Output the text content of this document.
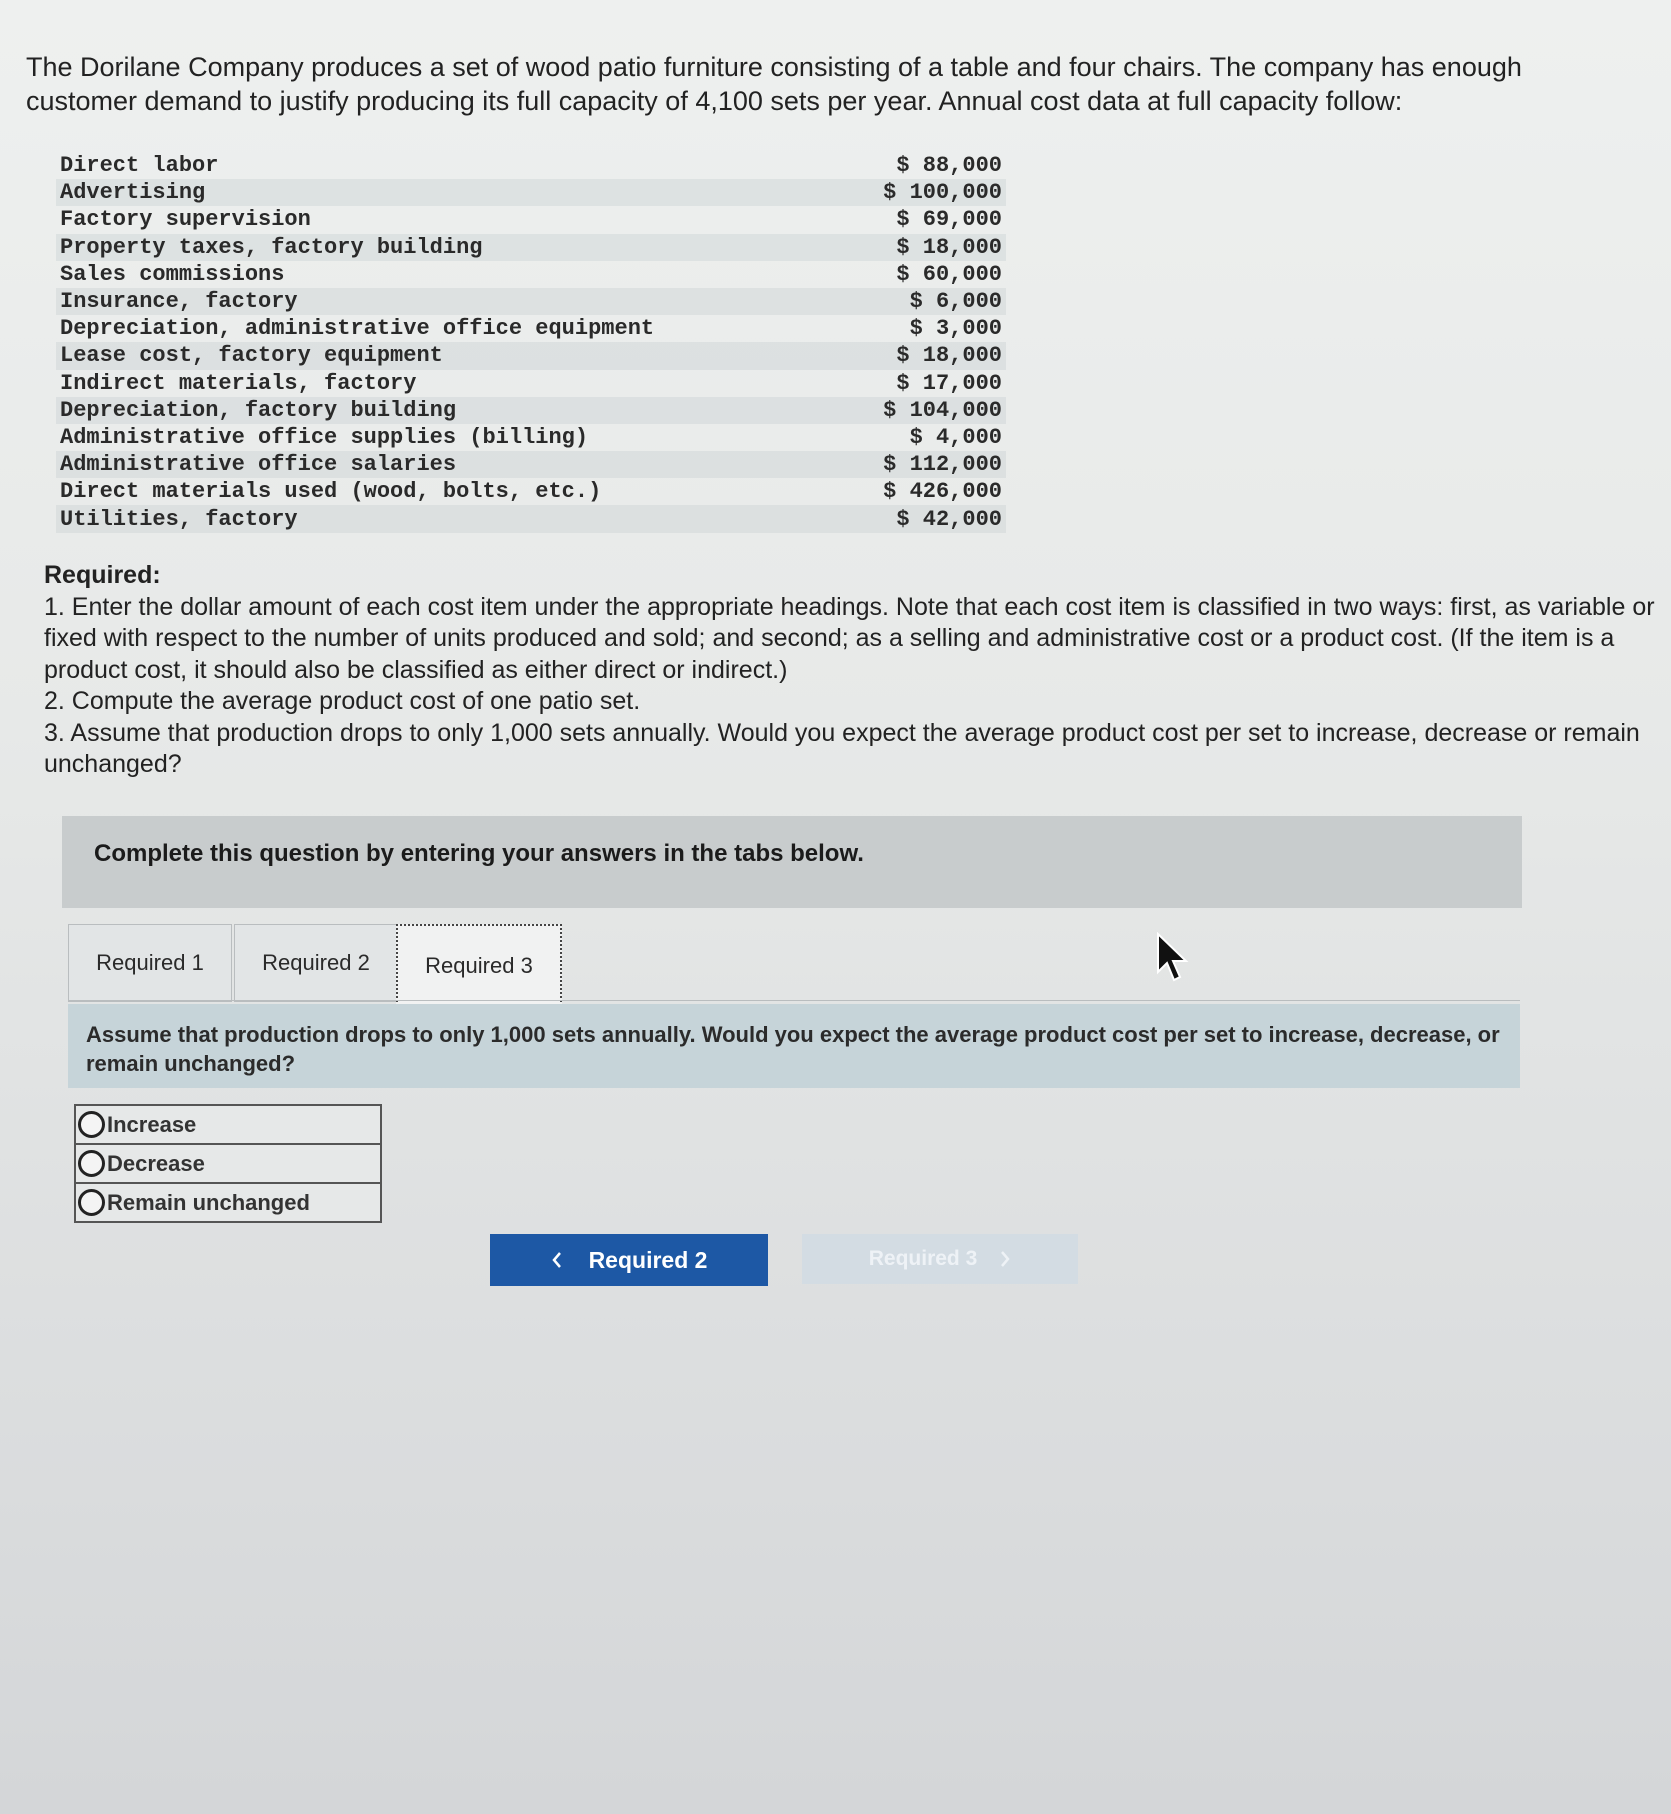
The Dorilane Company produces a set of wood patio furniture consisting of a table and four chairs. The company has enough customer demand to justify producing its full capacity of 4,100 sets per year. Annual cost data at full capacity follow:
Direct labor	$ 88,000
Advertising	$ 100,000
Factory supervision	$ 69,000
Property taxes, factory building	$ 18,000
Sales commissions	$ 60,000
Insurance, factory	$ 6,000
Depreciation, administrative office equipment	$ 3,000
Lease cost, factory equipment	$ 18,000
Indirect materials, factory	$ 17,000
Depreciation, factory building	$ 104,000
Administrative office supplies (billing)	$ 4,000
Administrative office salaries	$ 112,000
Direct materials used (wood, bolts, etc.)	$ 426,000
Utilities, factory	$ 42,000
Required:

1. Enter the dollar amount of each cost item under the appropriate headings. Note that each cost item is classified in two ways: first, as variable or fixed with respect to the number of units produced and sold; and second; as a selling and administrative cost or a product cost. (If the item is a product cost, it should also be classified as either direct or indirect.)

2. Compute the average product cost of one patio set.

3. Assume that production drops to only 1,000 sets annually. Would you expect the average product cost per set to increase, decrease or remain unchanged?

Complete this question by entering your answers in the tabs below.
Required 1	Required 2	Required 3
Assume that production drops to only 1,000 sets annually. Would you expect the average product cost per set to increase, decrease, or remain unchanged?
Increase
Decrease
Remain unchanged
Required 2	Required 3
